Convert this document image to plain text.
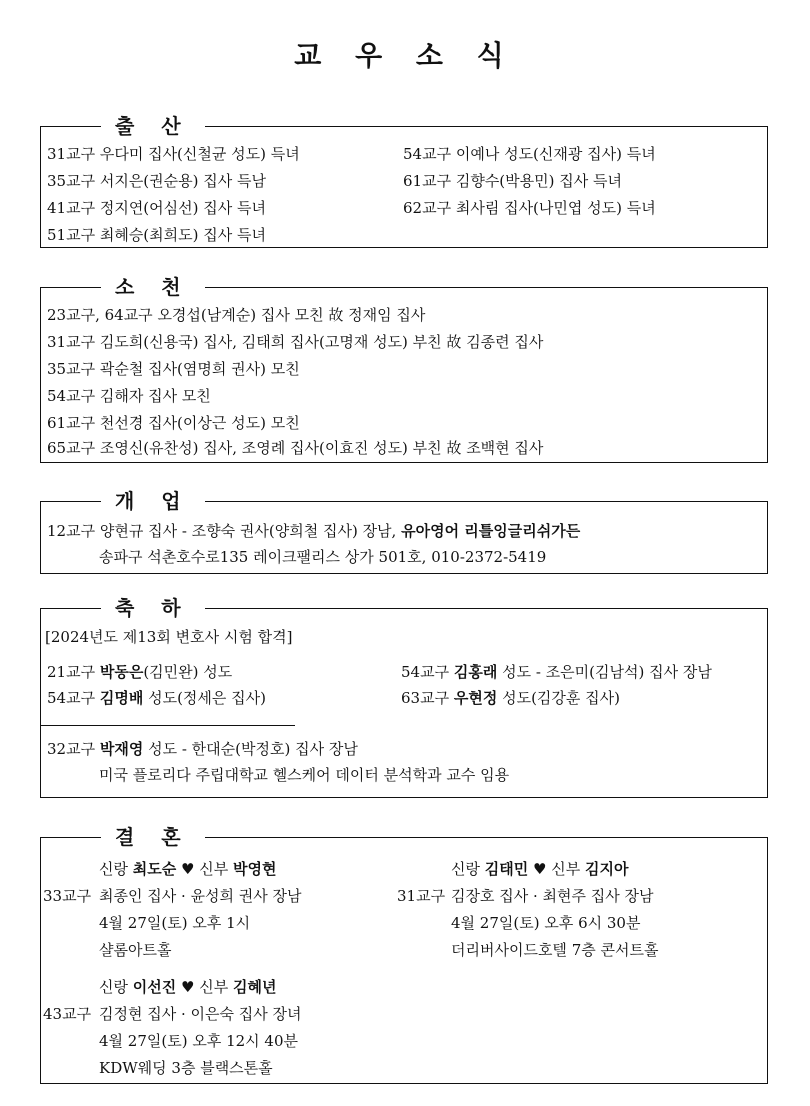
교 우 소 식
출 산
31교구 우다미 집사(신철균 성도) 득녀
35교구 서지은(권순용) 집사 득남
41교구 정지연(어심선) 집사 득녀
51교구 최혜승(최희도) 집사 득녀
54교구 이예나 성도(신재광 집사) 득녀
61교구 김향수(박용민) 집사 득녀
62교구 최사림 집사(나민엽 성도) 득녀
소 천
23교구, 64교구 오경섭(남계순) 집사 모친 故 정재임 집사
31교구 김도희(신용국) 집사, 김태희 집사(고명재 성도) 부친 故 김종련 집사
35교구 곽순철 집사(염명희 권사) 모친
54교구 김해자 집사 모친
61교구 천선경 집사(이상근 성도) 모친
65교구 조영신(유찬성) 집사, 조영례 집사(이효진 성도) 부친 故 조백현 집사
개 업
12교구 양현규 집사 - 조향숙 권사(양희철 집사) 장남, 유아영어 리틀잉글리쉬가든
송파구 석촌호수로135 레이크팰리스 상가 501호, 010-2372-5419
축 하
[2024년도 제13회 변호사 시험 합격]
21교구 박동은(김민완) 성도	54교구 김홍래 성도 - 조은미(김남석) 집사 장남
54교구 김명배 성도(정세은 집사)	63교구 우현정 성도(김강훈 집사)
32교구 박재영 성도 - 한대순(박정호) 집사 장남
미국 플로리다 주립대학교 헬스케어 데이터 분석학과 교수 임용
결 혼
신랑 최도순 ♥ 신부 박영현
33교구 최종인 집사 · 윤성희 권사 장남
4월 27일(토) 오후 1시
샬롬아트홀
신랑 김태민 ♥ 신부 김지아
31교구 김장호 집사 · 최현주 집사 장남
4월 27일(토) 오후 6시 30분
더리버사이드호텔 7층 콘서트홀
신랑 이선진 ♥ 신부 김혜년
43교구 김정현 집사 · 이은숙 집사 장녀
4월 27일(토) 오후 12시 40분
KDW웨딩 3층 블랙스톤홀
